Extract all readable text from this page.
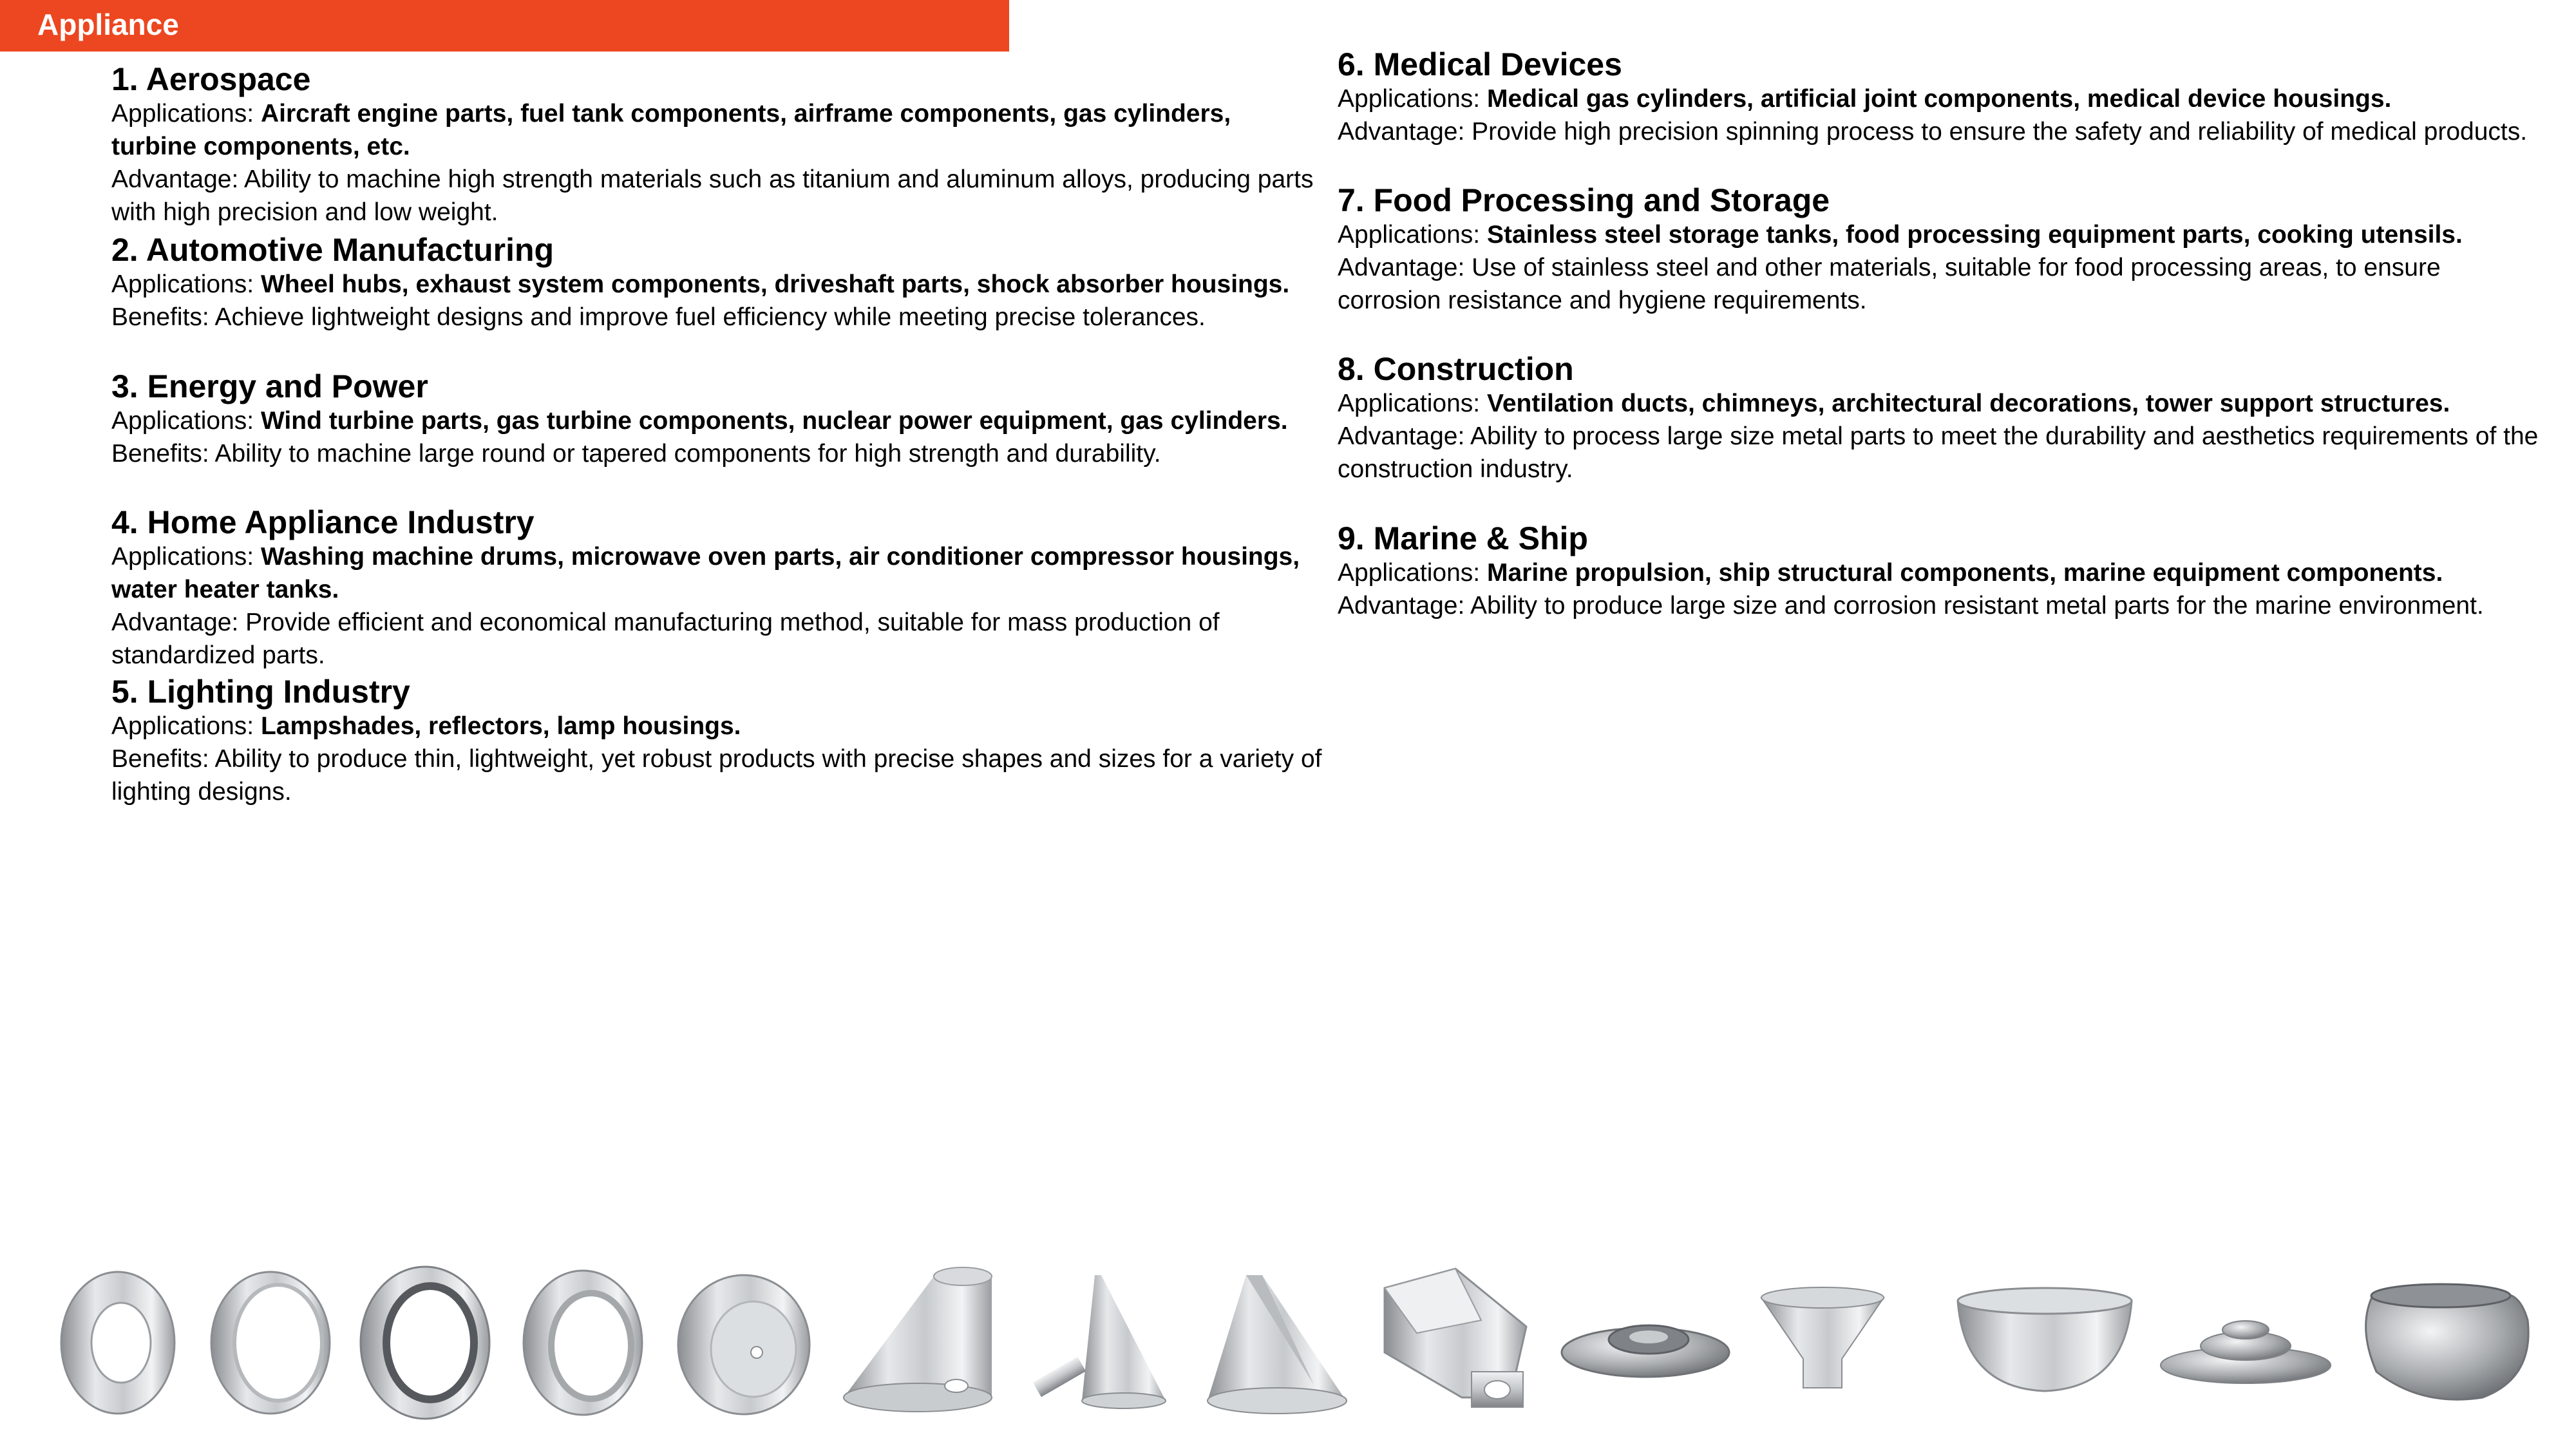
Appliance
1. Aerospace

Applications: Aircraft engine parts, fuel tank components, airframe components, gas cylinders, turbine components, etc.

Advantage: Ability to machine high strength materials such as titanium and aluminum alloys, producing parts with high precision and low weight.

2. Automotive Manufacturing

Applications: Wheel hubs, exhaust system components, driveshaft parts, shock absorber housings.

Benefits: Achieve lightweight designs and improve fuel efficiency while meeting precise tolerances.

3. Energy and Power

Applications: Wind turbine parts, gas turbine components, nuclear power equipment, gas cylinders.

Benefits: Ability to machine large round or tapered components for high strength and durability.

4. Home Appliance Industry

Applications: Washing machine drums, microwave oven parts, air conditioner compressor housings, water heater tanks.

Advantage: Provide efficient and economical manufacturing method, suitable for mass production of standardized parts.

5. Lighting Industry

Applications: Lampshades, reflectors, lamp housings.

Benefits: Ability to produce thin, lightweight, yet robust products with precise shapes and sizes for a variety of lighting designs.

6. Medical Devices

Applications: Medical gas cylinders, artificial joint components, medical device housings.

Advantage: Provide high precision spinning process to ensure the safety and reliability of medical products.

7. Food Processing and Storage

Applications: Stainless steel storage tanks, food processing equipment parts, cooking utensils.

Advantage: Use of stainless steel and other materials, suitable for food processing areas, to ensure corrosion resistance and hygiene requirements.

8. Construction

Applications: Ventilation ducts, chimneys, architectural decorations, tower support structures.

Advantage: Ability to process large size metal parts to meet the durability and aesthetics requirements of the construction industry.

9. Marine & Ship

Applications: Marine propulsion, ship structural components, marine equipment components.

Advantage: Ability to produce large size and corrosion resistant metal parts for the marine environment.
